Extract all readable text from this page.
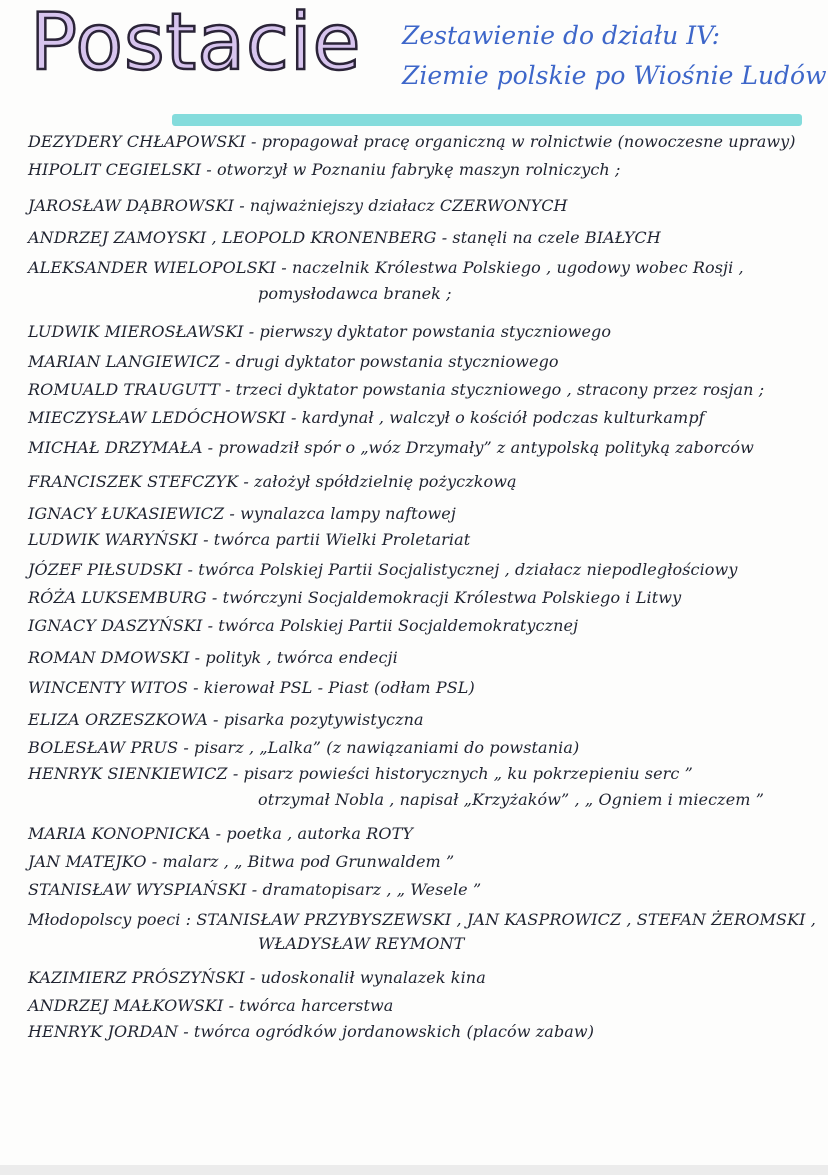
Postacie Zestawienie do działu IV:
Ziemie polskie po Wiośnie Ludów
DEZYDERY CHŁAPOWSKI - propagował pracę organiczną w rolnictwie (nowoczesne uprawy)
HIPOLIT CEGIELSKI - otworzył w Poznaniu fabrykę maszyn rolniczych ;
JAROSŁAW DĄBROWSKI - najważniejszy działacz CZERWONYCH
ANDRZEJ ZAMOYSKI , LEOPOLD KRONENBERG - stanęli na czele BIAŁYCH
ALEKSANDER WIELOPOLSKI - naczelnik Królestwa Polskiego , ugodowy wobec Rosji ,
pomysłodawca branek ;
LUDWIK MIEROSŁAWSKI - pierwszy dyktator powstania styczniowego
MARIAN LANGIEWICZ - drugi dyktator powstania styczniowego
ROMUALD TRAUGUTT - trzeci dyktator powstania styczniowego , stracony przez rosjan ;
MIECZYSŁAW LEDÓCHOWSKI - kardynał , walczył o kościół podczas kulturkampf
MICHAŁ DRZYMAŁA - prowadził spór o „wóz Drzymały” z antypolską polityką zaborców
FRANCISZEK STEFCZYK - założył spółdzielnię pożyczkową
IGNACY ŁUKASIEWICZ - wynalazca lampy naftowej
LUDWIK WARYŃSKI - twórca partii Wielki Proletariat
JÓZEF PIŁSUDSKI - twórca Polskiej Partii Socjalistycznej , działacz niepodległościowy
RÓŻA LUKSEMBURG - twórczyni Socjaldemokracji Królestwa Polskiego i Litwy
IGNACY DASZYŃSKI - twórca Polskiej Partii Socjaldemokratycznej
ROMAN DMOWSKI - polityk , twórca endecji
WINCENTY WITOS - kierował PSL - Piast (odłam PSL)
ELIZA ORZESZKOWA - pisarka pozytywistyczna
BOLESŁAW PRUS - pisarz , „Lalka” (z nawiązaniami do powstania)
HENRYK SIENKIEWICZ - pisarz powieści historycznych „ ku pokrzepieniu serc ”
otrzymał Nobla , napisał „Krzyżaków” , „ Ogniem i mieczem ”
MARIA KONOPNICKA - poetka , autorka ROTY
JAN MATEJKO - malarz , „ Bitwa pod Grunwaldem ”
STANISŁAW WYSPIAŃSKI - dramatopisarz , „ Wesele ”
Młodopolscy poeci : STANISŁAW PRZYBYSZEWSKI , JAN KASPROWICZ , STEFAN ŻEROMSKI ,
WŁADYSŁAW REYMONT
KAZIMIERZ PRÓSZYŃSKI - udoskonalił wynalazek kina
ANDRZEJ MAŁKOWSKI - twórca harcerstwa
HENRYK JORDAN - twórca ogródków jordanowskich (placów zabaw)
